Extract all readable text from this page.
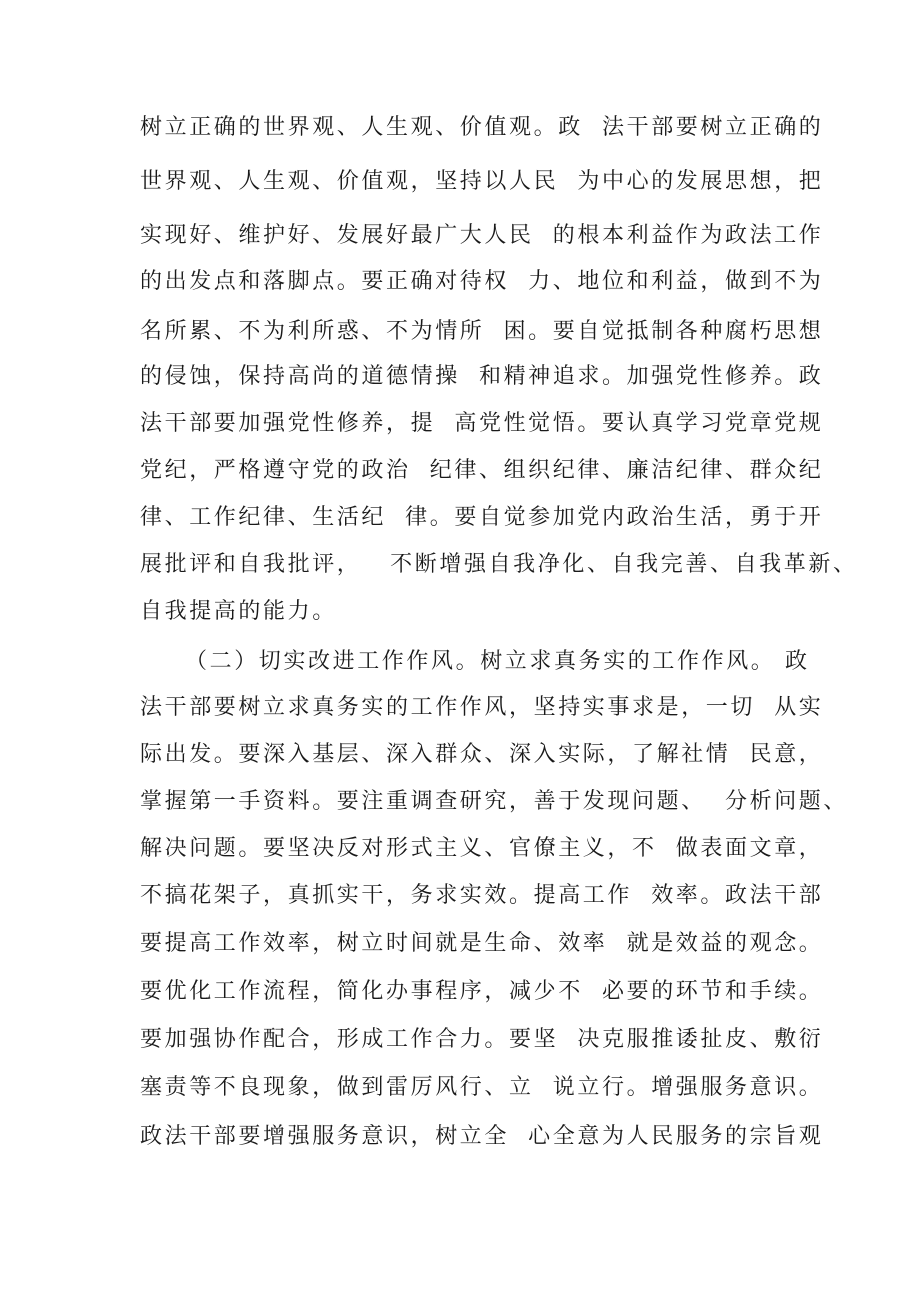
树立正确的世界观、人生观、价值观。政  法干部要树立正确的
世界观、人生观、价值观，坚持以人民  为中心的发展思想，把
实现好、维护好、发展好最广大人民  的根本利益作为政法工作
的出发点和落脚点。要正确对待权  力、地位和利益，做到不为
名所累、不为利所惑、不为情所  困。要自觉抵制各种腐朽思想
的侵蚀，保持高尚的道德情操  和精神追求。加强党性修养。政
法干部要加强党性修养，提  高党性觉悟。要认真学习党章党规
党纪，严格遵守党的政治  纪律、组织纪律、廉洁纪律、群众纪
律、工作纪律、生活纪  律。要自觉参加党内政治生活，勇于开
展批评和自我批评，   不断增强自我净化、自我完善、自我革新、
自我提高的能力。
（二）切实改进工作作风。树立求真务实的工作作风。 政
法干部要树立求真务实的工作作风，坚持实事求是，一切  从实
际出发。要深入基层、深入群众、深入实际，了解社情  民意，
掌握第一手资料。要注重调查研究，善于发现问题、  分析问题、
解决问题。要坚决反对形式主义、官僚主义，不  做表面文章，
不搞花架子，真抓实干，务求实效。提高工作  效率。政法干部
要提高工作效率，树立时间就是生命、效率  就是效益的观念。
要优化工作流程，简化办事程序，减少不  必要的环节和手续。
要加强协作配合，形成工作合力。要坚  决克服推诿扯皮、敷衍
塞责等不良现象，做到雷厉风行、立  说立行。增强服务意识。
政法干部要增强服务意识，树立全  心全意为人民服务的宗旨观
